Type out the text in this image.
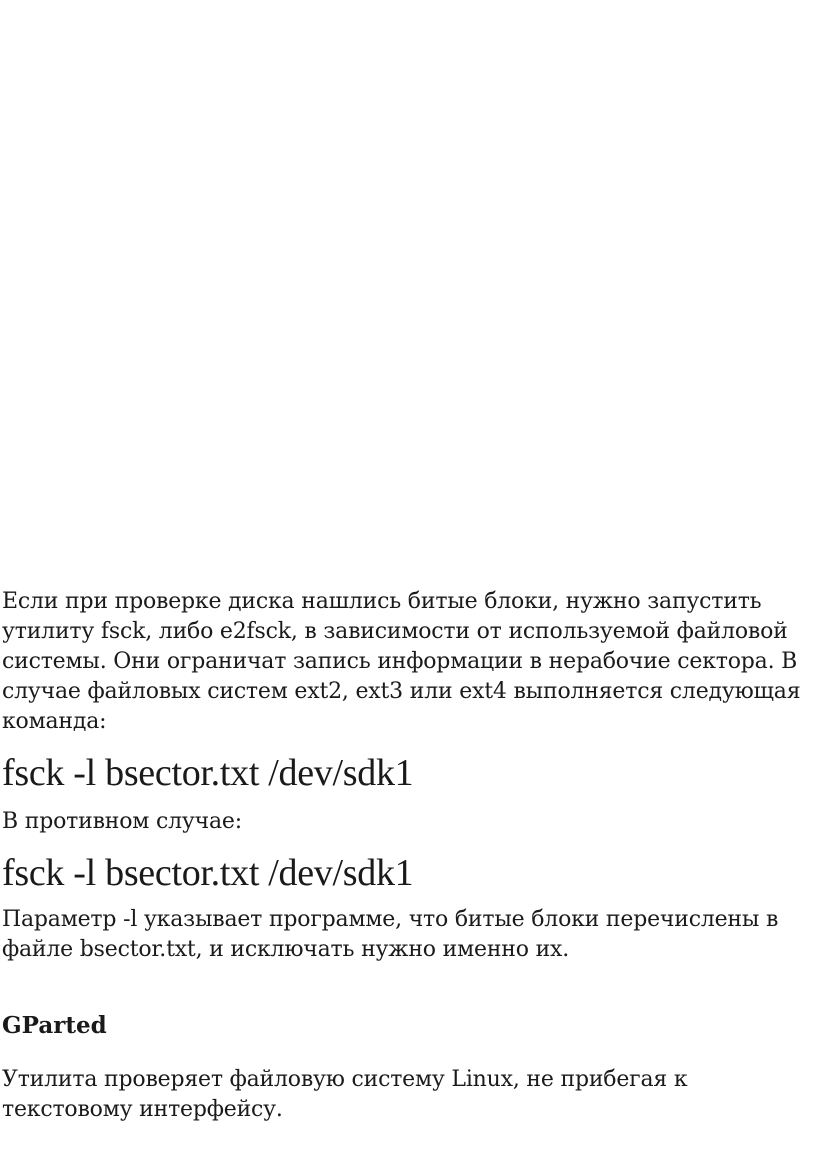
Если при проверке диска нашлись битые блоки, нужно запустить утилиту fsck, либо e2fsck, в зависимости от используемой файловой системы. Они ограничат запись информации в нерабочие сектора. В случае файловых систем ext2, ext3 или ext4 выполняется следующая команда:

fsck -l bsector.txt /dev/sdk1

В противном случае:

fsck -l bsector.txt /dev/sdk1

Параметр -l указывает программе, что битые блоки перечислены в файле bsector.txt, и исключать нужно именно их.

GParted

Утилита проверяет файловую систему Linux, не прибегая к текстовому интерфейсу.
